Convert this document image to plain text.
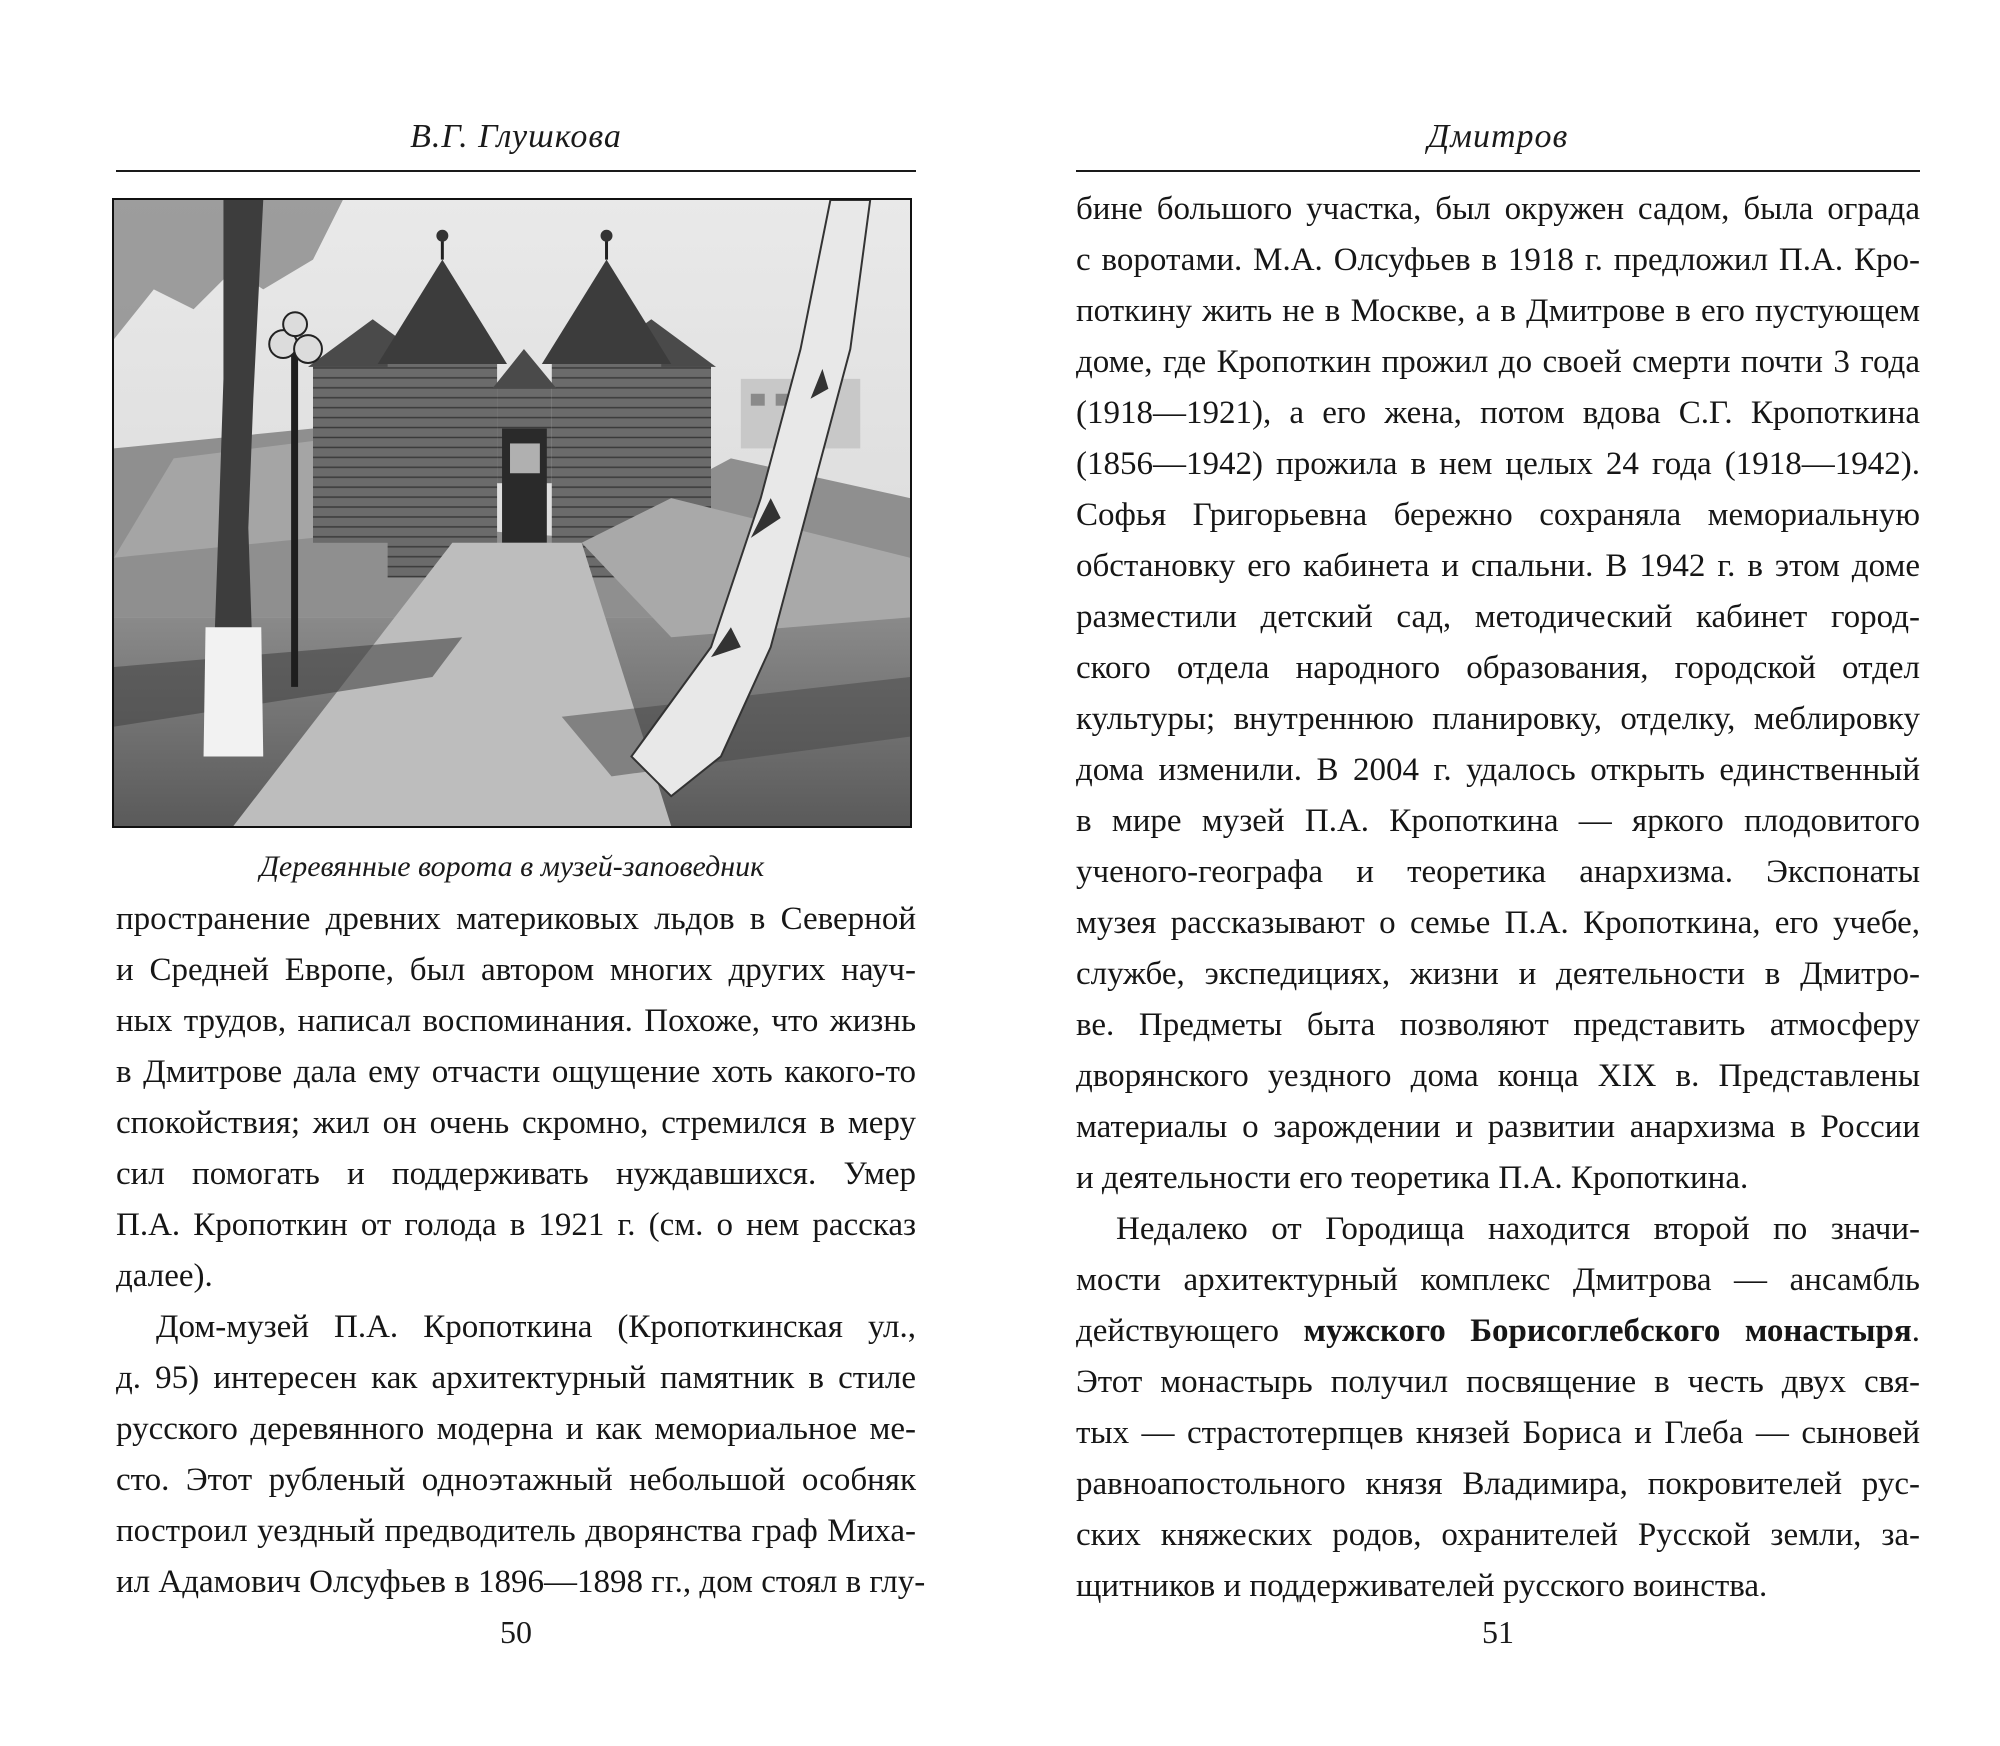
В.Г. Глушкова
Деревянные ворота в музей-заповедник
пространение древних материковых льдов в Северной
и Средней Европе, был автором многих других науч-
ных трудов, написал воспоминания. Похоже, что жизнь
в Дмитрове дала ему отчасти ощущение хоть какого-то
спокойствия; жил он очень скромно, стремился в меру
сил помогать и поддерживать нуждавшихся. Умер
П.А. Кропоткин от голода в 1921 г. (см. о нем рассказ
далее).
Дом-музей П.А. Кропоткина (Кропоткинская ул.,
д. 95) интересен как архитектурный памятник в стиле
русского деревянного модерна и как мемориальное ме-
сто. Этот рубленый одноэтажный небольшой особняк
построил уездный предводитель дворянства граф Миха-
ил Адамович Олсуфьев в 1896—1898 гг., дом стоял в глу-
50
Дмитров
бине большого участка, был окружен садом, была ограда
с воротами. М.А. Олсуфьев в 1918 г. предложил П.А. Кро-
поткину жить не в Москве, а в Дмитрове в его пустующем
доме, где Кропоткин прожил до своей смерти почти 3 года
(1918—1921), а его жена, потом вдова С.Г. Кропоткина
(1856—1942) прожила в нем целых 24 года (1918—1942).
Софья Григорьевна бережно сохраняла мемориальную
обстановку его кабинета и спальни. В 1942 г. в этом доме
разместили детский сад, методический кабинет город-
ского отдела народного образования, городской отдел
культуры; внутреннюю планировку, отделку, меблировку
дома изменили. В 2004 г. удалось открыть единственный
в мире музей П.А. Кропоткина — яркого плодовитого
ученого-географа и теоретика анархизма. Экспонаты
музея рассказывают о семье П.А. Кропоткина, его учебе,
службе, экспедициях, жизни и деятельности в Дмитро-
ве. Предметы быта позволяют представить атмосферу
дворянского уездного дома конца XIX в. Представлены
материалы о зарождении и развитии анархизма в России
и деятельности его теоретика П.А. Кропоткина.
Недалеко от Городища находится второй по значи-
мости архитектурный комплекс Дмитрова — ансамбль
действующего мужского Борисоглебского монастыря.
Этот монастырь получил посвящение в честь двух свя-
тых — страстотерпцев князей Бориса и Глеба — сыновей
равноапостольного князя Владимира, покровителей рус-
ских княжеских родов, охранителей Русской земли, за-
щитников и поддерживателей русского воинства.
51
